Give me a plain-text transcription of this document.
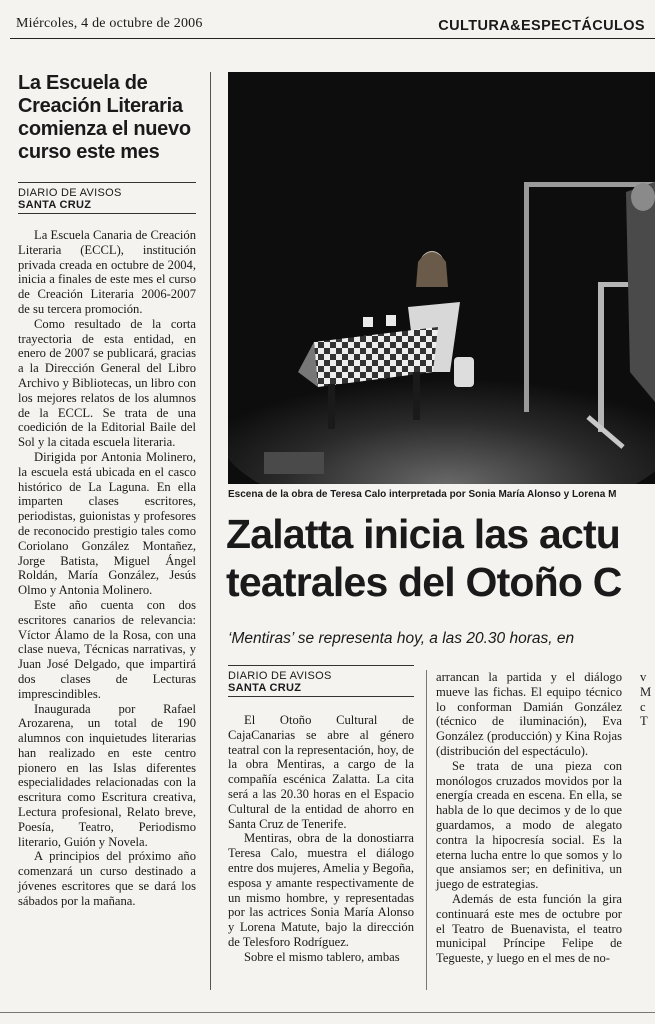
Miércoles, 4 de octubre de 2006	CULTURA&ESPECTÁCULOS
La Escuela de
Creación Literaria
comienza el nuevo
curso este mes
DIARIO DE AVISOS
SANTA CRUZ

La Escuela Canaria de Creación Literaria (ECCL), institución privada creada en octubre de 2004, inicia a finales de este mes el curso de Creación Literaria 2006-2007 de su tercera promoción.

Como resultado de la corta trayectoria de esta entidad, en enero de 2007 se publicará, gracias a la Dirección General del Libro Archivo y Bibliotecas, un libro con los mejores relatos de los alumnos de la ECCL. Se trata de una coedición de la Editorial Baile del Sol y la citada escuela literaria.

Dirigida por Antonia Molinero, la escuela está ubicada en el casco histórico de La Laguna. En ella imparten clases escritores, periodistas, guionistas y profesores de reconocido prestigio tales como Coriolano González Montañez, Jorge Batista, Miguel Ángel Roldán, María González, Jesús Olmo y Antonia Molinero.

Este año cuenta con dos escritores canarios de relevancia: Víctor Álamo de la Rosa, con una clase nueva, Técnicas narrativas, y Juan José Delgado, que impartirá dos clases de Lecturas imprescindibles.

Inaugurada por Rafael Arozarena, un total de 190 alumnos con inquietudes literarias han realizado en este centro pionero en las Islas diferentes especialidades relacionadas con la escritura como Escritura creativa, Lectura profesional, Relato breve, Poesía, Teatro, Periodismo literario, Guión y Novela.

A principios del próximo año comenzará un curso destinado a jóvenes escritores que se dará los sábados por la mañana.

Escena de la obra de Teresa Calo interpretada por Sonia María Alonso y Lorena M
Zalatta inicia las actu
teatrales del Otoño C
‘Mentiras’ se representa hoy, a las 20.30 horas, en
DIARIO DE AVISOS
SANTA CRUZ

El Otoño Cultural de CajaCanarias se abre al género teatral con la representación, hoy, de la obra Mentiras, a cargo de la compañía escénica Zalatta. La cita será a las 20.30 horas en el Espacio Cultural de la entidad de ahorro en Santa Cruz de Tenerife.

Mentiras, obra de la donostiarra Teresa Calo, muestra el diálogo entre dos mujeres, Amelia y Begoña, esposa y amante respectivamente de un mismo hombre, y representadas por las actrices Sonia María Alonso y Lorena Matute, bajo la dirección de Telesforo Rodríguez.

Sobre el mismo tablero, ambas

arrancan la partida y el diálogo mueve las fichas. El equipo técnico lo conforman Damián González (técnico de iluminación), Eva González (producción) y Kina Rojas (distribución del espectáculo).

Se trata de una pieza con monólogos cruzados movidos por la energía creada en escena. En ella, se habla de lo que decimos y de lo que guardamos, a modo de alegato contra la hipocresía social. Es la eterna lucha entre lo que somos y lo que ansiamos ser; en definitiva, un juego de estrategias.

Además de esta función la gira continuará este mes de octubre por el Teatro de Buenavista, el teatro municipal Príncipe Felipe de Tegueste, y luego en el mes de no-

v
M
c
T
